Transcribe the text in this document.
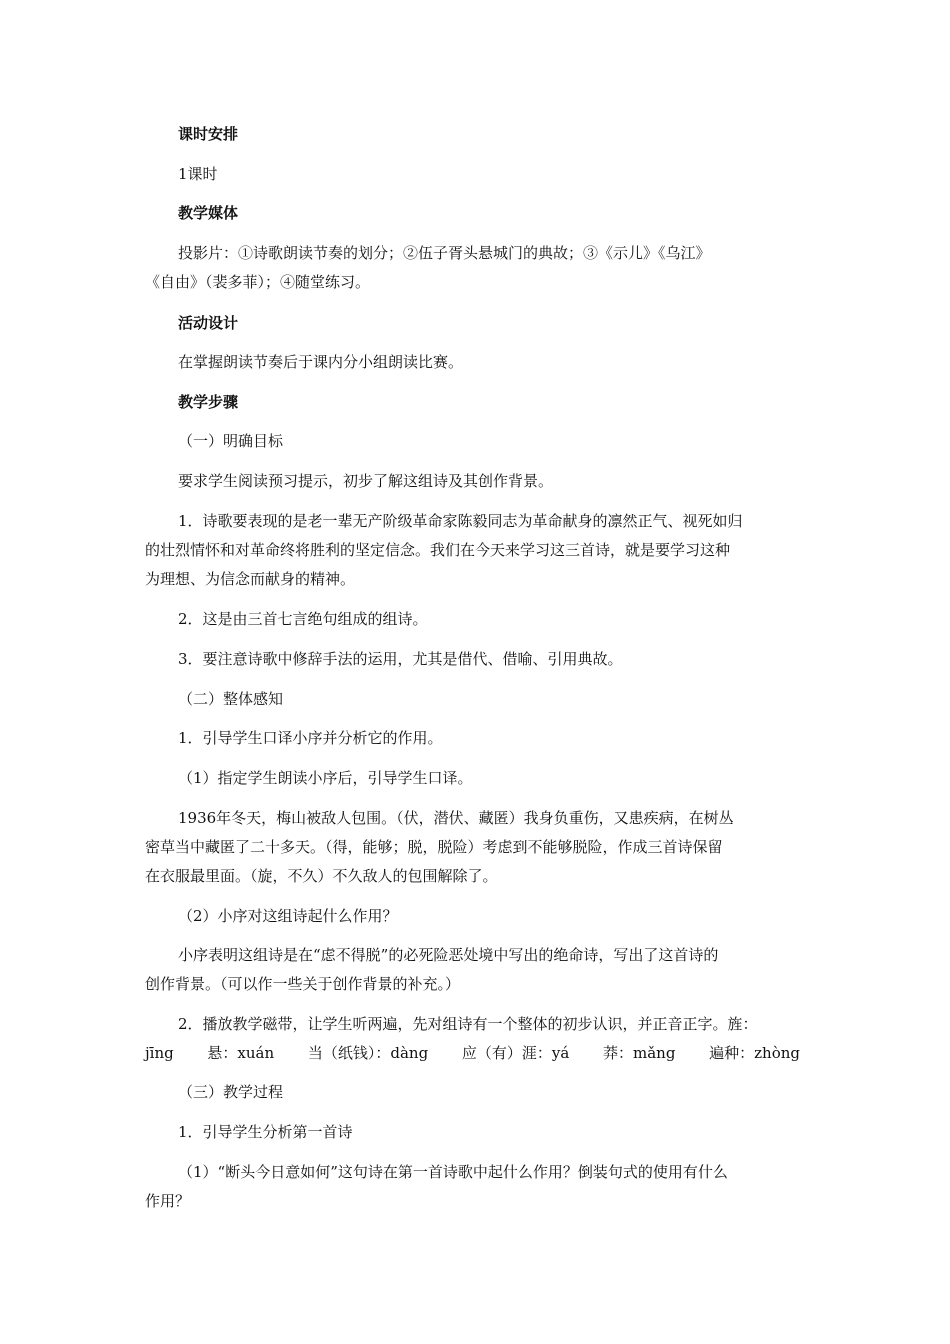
课时安排
1课时
教学媒体
投影片：①诗歌朗读节奏的划分；②伍子胥头悬城门的典故；③《示儿》《乌江》
《自由》（裴多菲）；④随堂练习。
活动设计
在掌握朗读节奏后于课内分小组朗读比赛。
教学步骤
（一）明确目标
要求学生阅读预习提示，初步了解这组诗及其创作背景。
1．诗歌要表现的是老一辈无产阶级革命家陈毅同志为革命献身的凛然正气、视死如归
的壮烈情怀和对革命终将胜利的坚定信念。我们在今天来学习这三首诗，就是要学习这种
为理想、为信念而献身的精神。
2．这是由三首七言绝句组成的组诗。
3．要注意诗歌中修辞手法的运用，尤其是借代、借喻、引用典故。
（二）整体感知
1．引导学生口译小序并分析它的作用。
（1）指定学生朗读小序后，引导学生口译。
1936年冬天，梅山被敌人包围。（伏，潜伏、藏匿）我身负重伤，又患疾病，在树丛
密草当中藏匿了二十多天。（得，能够；脱，脱险）考虑到不能够脱险，作成三首诗保留
在衣服最里面。（旋，不久）不久敌人的包围解除了。
（2）小序对这组诗起什么作用？
小序表明这组诗是在“虑不得脱”的必死险恶处境中写出的绝命诗，写出了这首诗的
创作背景。（可以作一些关于创作背景的补充。）
2．播放教学磁带，让学生听两遍，先对组诗有一个整体的初步认识，并正音正字。旌：
jīng 悬：xuán 当（纸钱）：dàng 应（有）涯：yá 莽：mǎng 遍种：zhòng
（三）教学过程
1．引导学生分析第一首诗
（1）“断头今日意如何”这句诗在第一首诗歌中起什么作用？倒装句式的使用有什么
作用？
